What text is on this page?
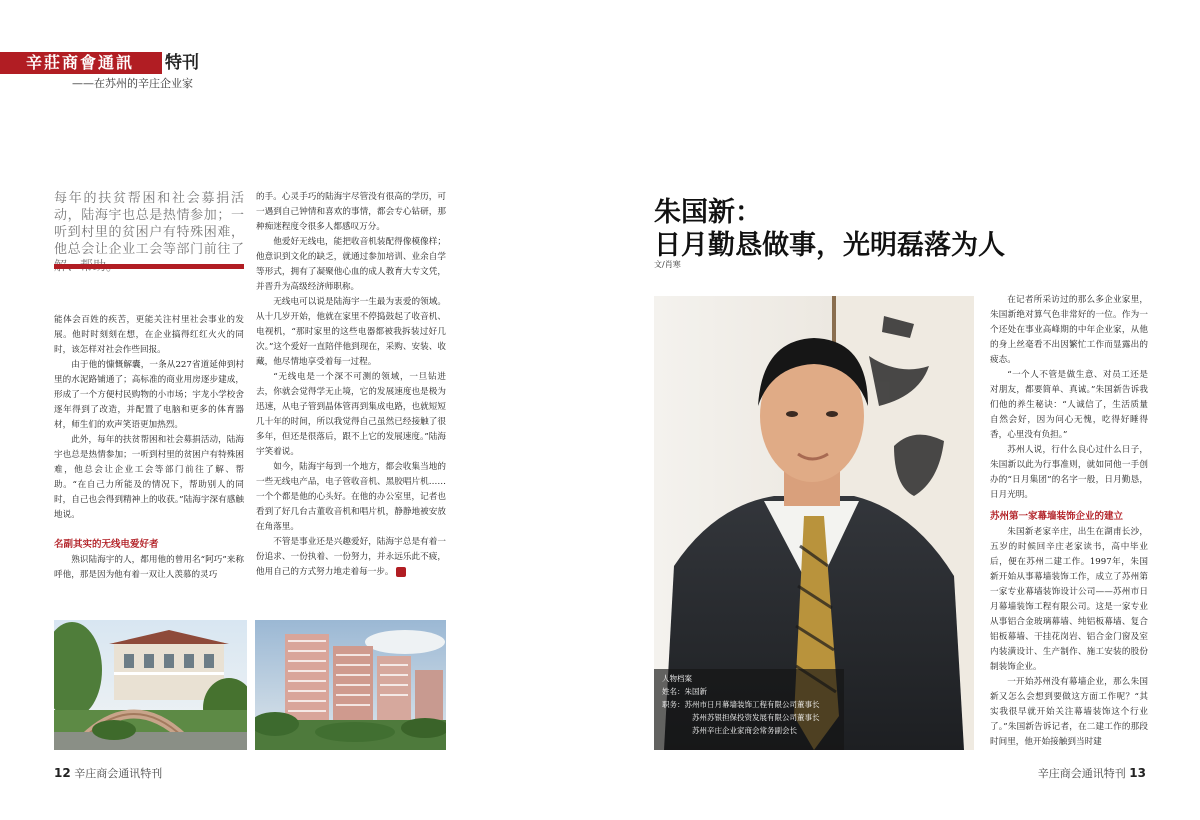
辛莊商會通訊	特刊
——在苏州的辛庄企业家
每年的扶贫帮困和社会募捐活动，陆海宇也总是热情参加；一听到村里的贫困户有特殊困难，他总会让企业工会等部门前往了

能体会百姓的疾苦，更能关注村里社会事业的发展。他时时刻刻在想，在企业搞得红红火火的同时，该怎样对社会作些回报。

由于他的慷慨解囊，一条从227省道延伸到村里的水泥路铺通了；高标准的商业用房逐步建成，形成了一个方便村民购物的小市场；宇龙小学校舍逐年得到了改造，并配置了电脑和更多的体育器材，师生们的欢声笑语更加热烈。

此外，每年的扶贫帮困和社会募捐活动，陆海宇也总是热情参加；一听到村里的贫困户有特殊困难，他总会让企业工会等部门前往了解、帮助。“在自己力所能及的情况下，帮助别人的同时，自己也会得到精神上的收获。”陆海宇深有感触地说。

名副其实的无线电爱好者

熟识陆海宇的人，都用他的曾用名“阿巧”来称呼他，那是因为他有着一双让人羡慕的灵巧

的手。心灵手巧的陆海宇尽管没有很高的学历，可一遇到自己钟情和喜欢的事情，都会专心钻研，那种痴迷程度令很多人都感叹万分。

他爱好无线电，能把收音机装配得像模像样；他意识到文化的缺乏，就通过参加培训、业余自学等形式，拥有了凝聚他心血的成人教育大专文凭，并晋升为高级经济师职称。

无线电可以说是陆海宇一生最为衷爱的领域。从十几岁开始，他就在家里不停捣鼓起了收音机、电视机，“那时家里的这些电器都被我拆装过好几次。”这个爱好一直陪伴他到现在，采购、安装、收藏，他尽情地享受着每一过程。

“无线电是一个深不可测的领域，一旦钻进去，你就会觉得学无止境，它的发展速度也是极为迅速，从电子管到晶体管再到集成电路，也就短短几十年的时间，所以我觉得自己虽然已经接触了很多年，但还是很落后，跟不上它的发展速度。”陆海宇笑着说。

如今，陆海宇每到一个地方，都会收集当地的一些无线电产品，电子管收音机、黑胶唱片机……一个个都是他的心头好。在他的办公室里，记者也看到了好几台古董收音机和唱片机，静静地被安放在角落里。

不管是事业还是兴趣爱好，陆海宇总是有着一份追求、一份执着、一份努力，并永远乐此不疲，他用自己的方式努力地走着每一步。

12 辛庄商会通讯特刊
朱国新：
日月勤恳做事，光明磊落为人
文/肖寒
人物档案
姓名：朱国新
职务：苏州市日月幕墙装饰工程有限公司董事长
苏州苏银担保投资发展有限公司董事长
苏州辛庄企业家商会常务副会长

在记者所采访过的那么多企业家里，朱国新绝对算气色非常好的一位。作为一个还处在事业高峰期的中年企业家，从他的身上丝毫看不出因繁忙工作而显露出的疲态。

“一个人不管是做生意、对员工还是对朋友，都要简单、真诚。”朱国新告诉我们他的养生秘诀：“人诚信了，生活质量自然会好，因为问心无愧，吃得好睡得香，心里没有负担。”

苏州人说，行什么良心过什么日子，朱国新以此为行事准则，就如同他一手创办的“日月集团”的名字一般，日月勤恳，日月光明。

苏州第一家幕墙装饰企业的建立

朱国新老家辛庄，出生在湖甫长沙，五岁的时候回辛庄老家读书，高中毕业后，便在苏州二建工作。1997年，朱国新开始从事幕墙装饰工作，成立了苏州第一家专业幕墙装饰设计公司——苏州市日月幕墙装饰工程有限公司。这是一家专业从事铝合金玻璃幕墙、纯铝板幕墙、复合铝板幕墙、干挂花岗岩、铝合金门窗及室内装潢设计、生产制作、施工安装的股份制装饰企业。

一开始苏州没有幕墙企业，那么朱国新又怎么会想到要做这方面工作呢？“其实我很早就开始关注幕墙装饰这个行业了。”朱国新告诉记者，在二建工作的那段时间里，他开始接触到当时建

辛庄商会通讯特刊 13
